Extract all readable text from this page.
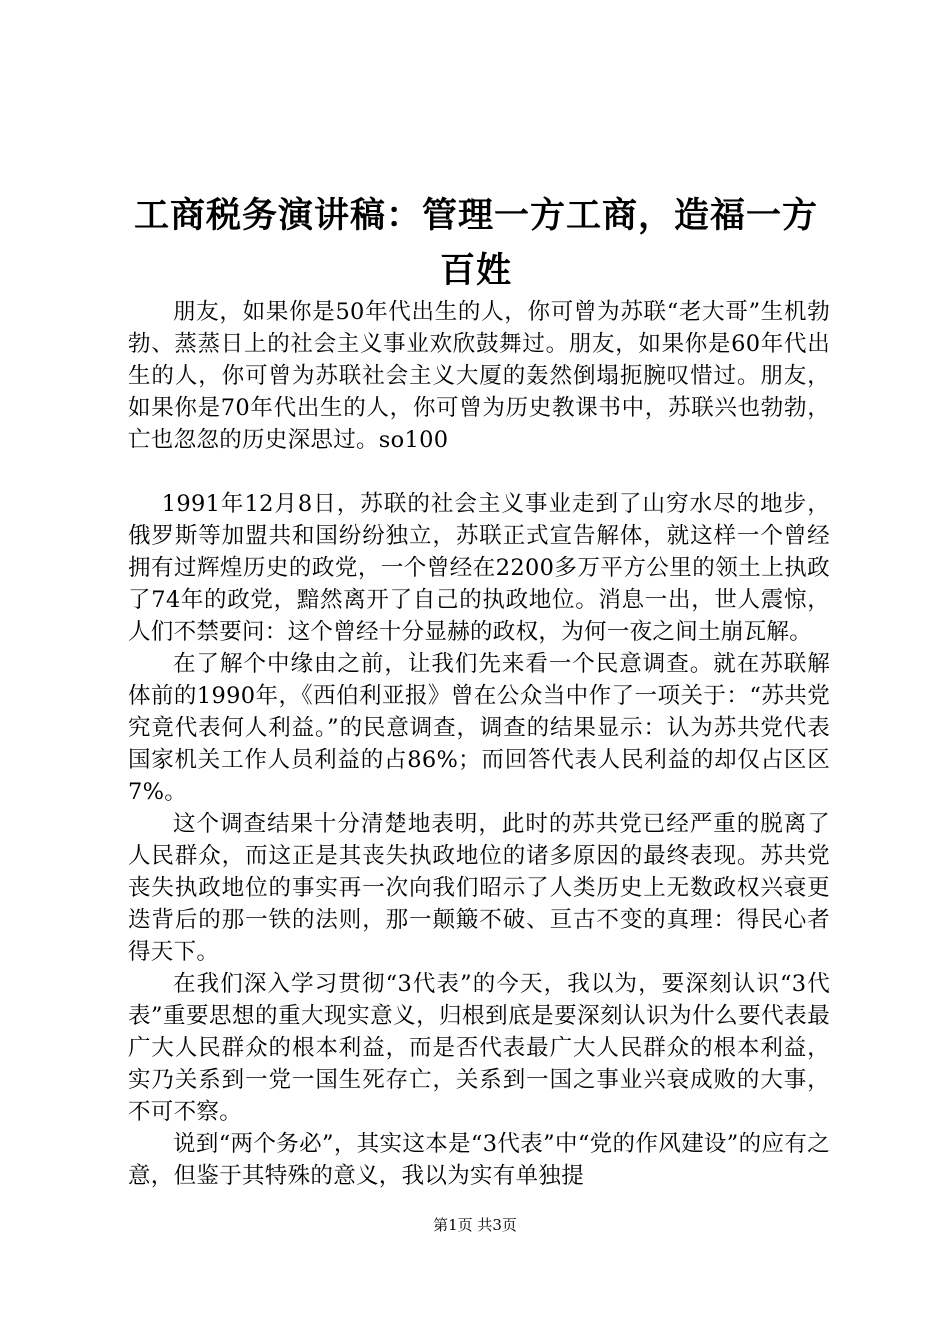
工商税务演讲稿：管理一方工商，造福一方百姓

朋友，如果你是50年代出生的人，你可曾为苏联“老大哥”生机勃勃、蒸蒸日上的社会主义事业欢欣鼓舞过。朋友，如果你是60年代出生的人，你可曾为苏联社会主义大厦的轰然倒塌扼腕叹惜过。朋友，如果你是70年代出生的人，你可曾为历史教课书中，苏联兴也勃勃，亡也忽忽的历史深思过。so100

1991年12月8日，苏联的社会主义事业走到了山穷水尽的地步，俄罗斯等加盟共和国纷纷独立，苏联正式宣告解体，就这样一个曾经拥有过辉煌历史的政党，一个曾经在2200多万平方公里的领土上执政了74年的政党，黯然离开了自己的执政地位。消息一出，世人震惊，人们不禁要问：这个曾经十分显赫的政权，为何一夜之间土崩瓦解。

在了解个中缘由之前，让我们先来看一个民意调查。就在苏联解体前的1990年，《西伯利亚报》曾在公众当中作了一项关于：“苏共党究竟代表何人利益。”的民意调查，调查的结果显示：认为苏共党代表国家机关工作人员利益的占86%；而回答代表人民利益的却仅占区区7%。

这个调查结果十分清楚地表明，此时的苏共党已经严重的脱离了人民群众，而这正是其丧失执政地位的诸多原因的最终表现。苏共党丧失执政地位的事实再一次向我们昭示了人类历史上无数政权兴衰更迭背后的那一铁的法则，那一颠簸不破、亘古不变的真理：得民心者得天下。

在我们深入学习贯彻“3代表”的今天，我以为，要深刻认识“3代表”重要思想的重大现实意义，归根到底是要深刻认识为什么要代表最广大人民群众的根本利益，而是否代表最广大人民群众的根本利益，实乃关系到一党一国生死存亡，关系到一国之事业兴衰成败的大事，不可不察。

说到“两个务必”，其实这本是“3代表”中“党的作风建设”的应有之意，但鉴于其特殊的意义，我以为实有单独提

第1页 共3页
